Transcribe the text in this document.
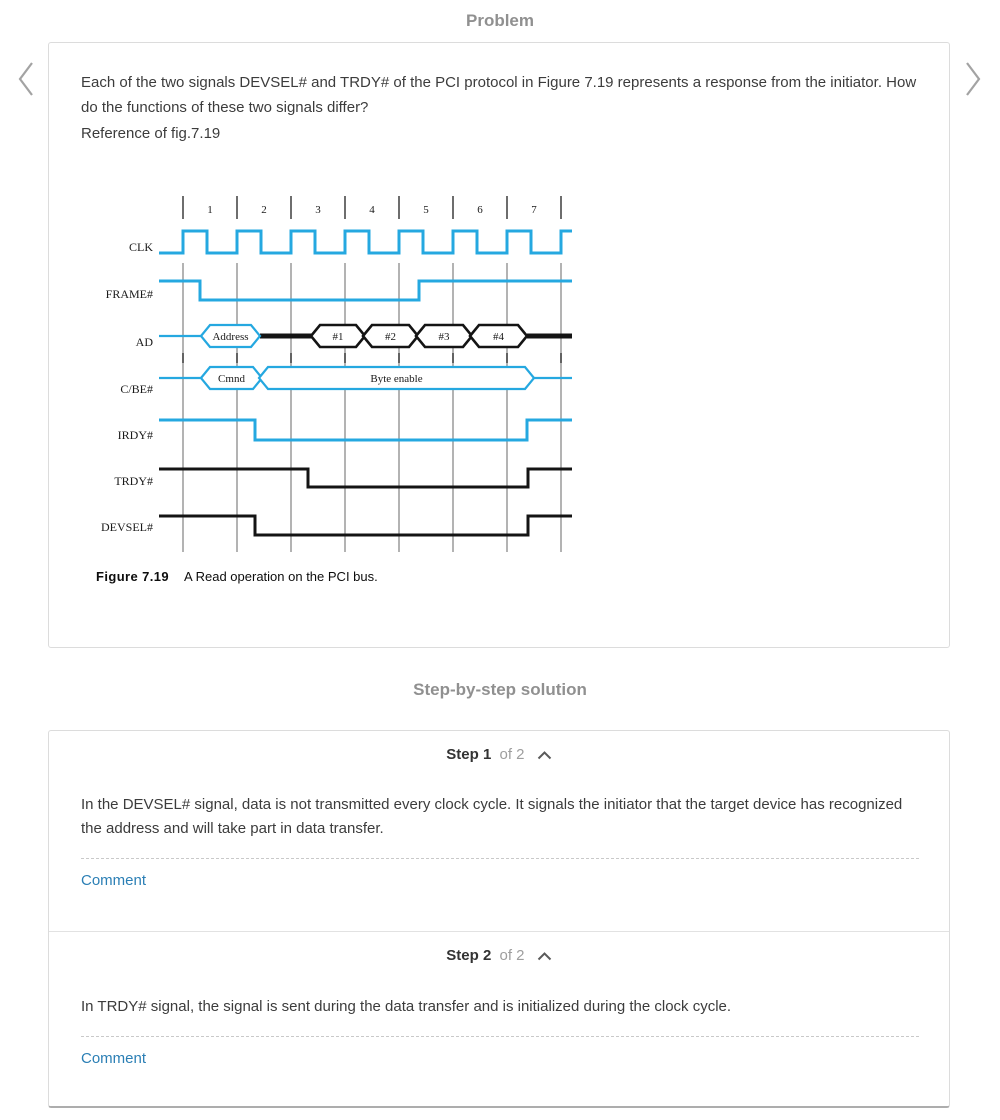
Problem
Each of the two signals DEVSEL# and TRDY# of the PCI protocol in Figure 7.19 represents a response from the initiator. How do the functions of these two signals differ?
Reference of fig.7.19
1	2	3	4	5	6	7
CLK
FRAME#
AD	Address	#1	#2	#3	#4
C/BE#
Cmnd	Byte enable
IRDY#
TRDY#
DEVSEL#
Figure 7.19 A Read operation on the PCI bus.
Step-by-step solution
Step 1 of 2
In the DEVSEL# signal, data is not transmitted every clock cycle. It signals the initiator that the target device has recognized the address and will take part in data transfer.
Comment
Step 2 of 2
In TRDY# signal, the signal is sent during the data transfer and is initialized during the clock cycle.
Comment
